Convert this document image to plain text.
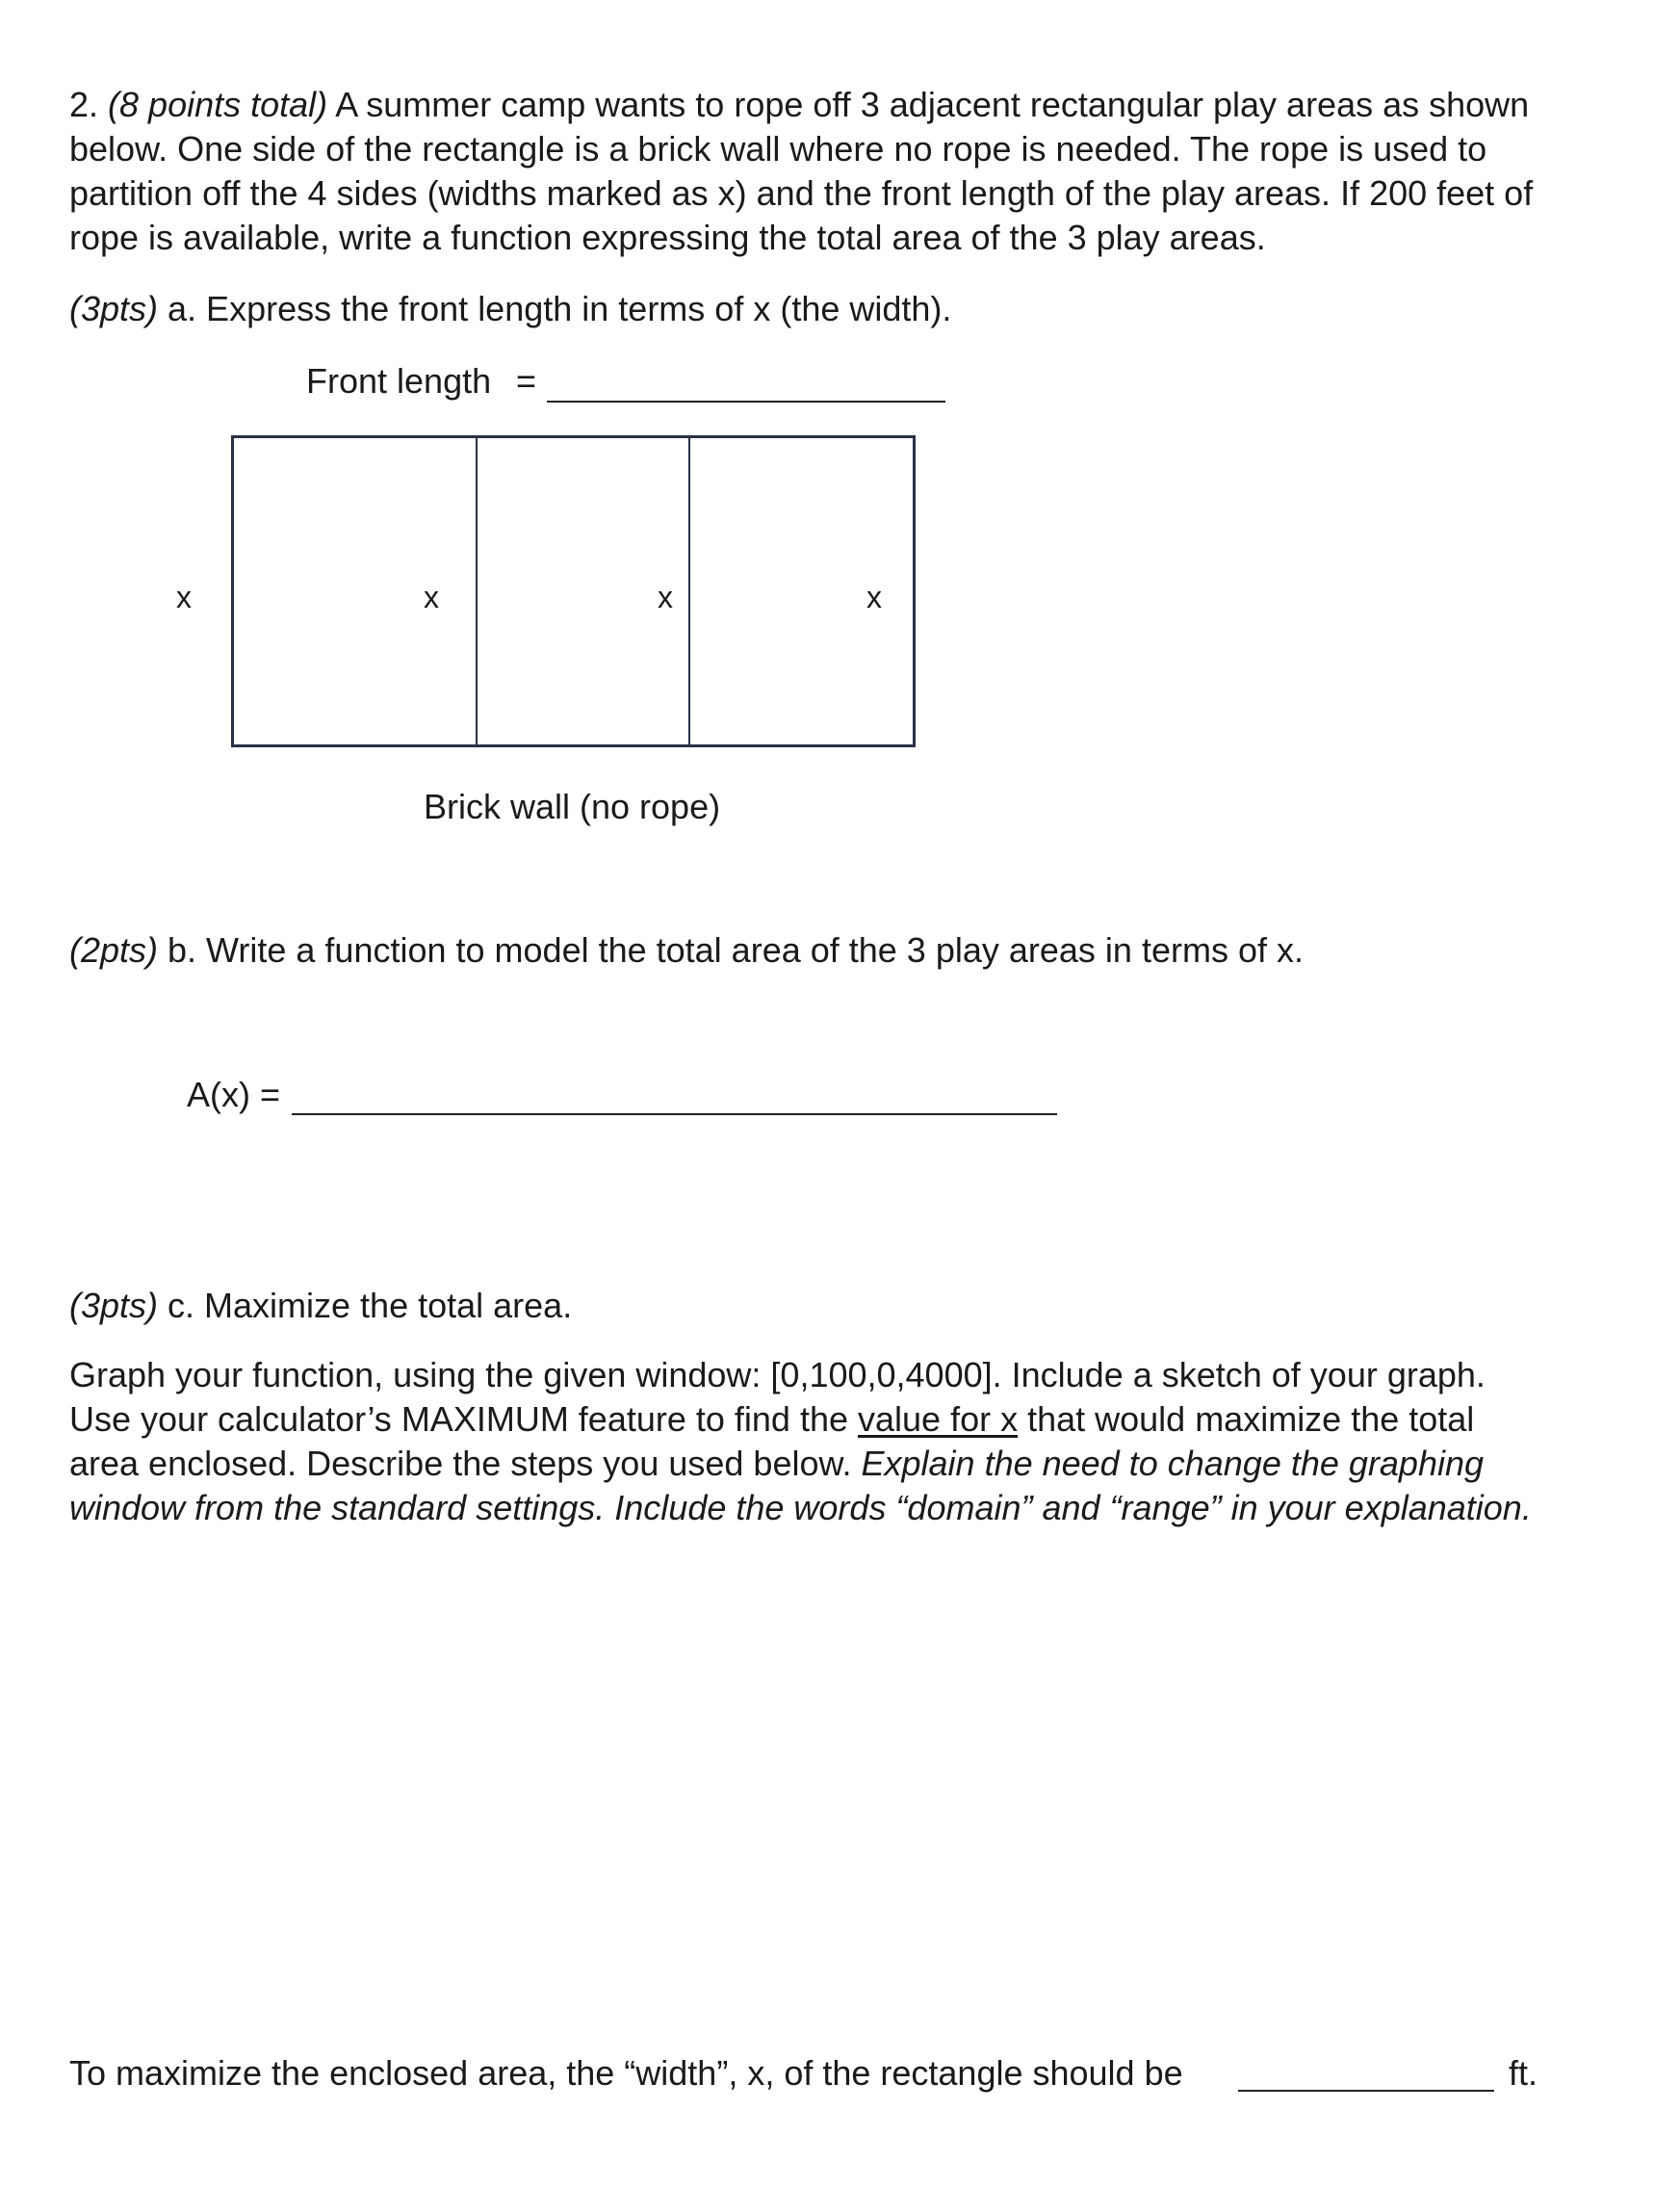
2. (8 points total) A summer camp wants to rope off 3 adjacent rectangular play areas as shown
below. One side of the rectangle is a brick wall where no rope is needed. The rope is used to
partition off the 4 sides (widths marked as x) and the front length of the play areas. If 200 feet of
rope is available, write a function expressing the total area of the 3 play areas.
(3pts) a. Express the front length in terms of x (the width).
Front length =
x	x	x	x
Brick wall (no rope)
(2pts) b. Write a function to model the total area of the 3 play areas in terms of x.
A(x) =
(3pts) c. Maximize the total area.
Graph your function, using the given window: [0,100,0,4000]. Include a sketch of your graph.
Use your calculator’s MAXIMUM feature to find the value for x that would maximize the total
area enclosed. Describe the steps you used below. Explain the need to change the graphing
window from the standard settings. Include the words “domain” and “range” in your explanation.
To maximize the enclosed area, the “width”, x, of the rectangle should be	ft.
